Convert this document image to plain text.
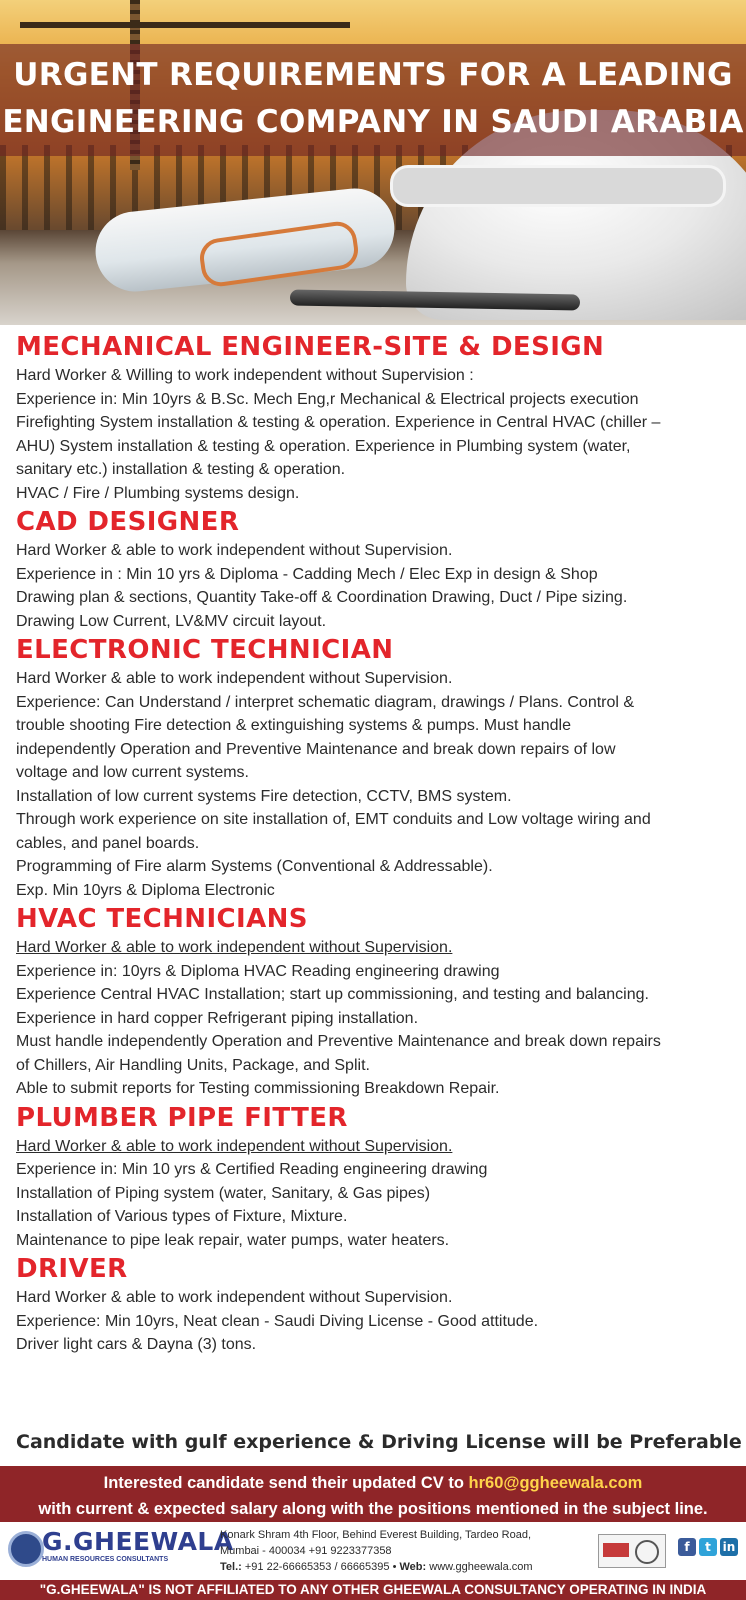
URGENT REQUIREMENTS FOR A LEADING
ENGINEERING COMPANY IN SAUDI ARABIA
MECHANICAL ENGINEER-SITE & DESIGN

Hard Worker & Willing to work independent without Supervision :

Experience in: Min 10yrs & B.Sc. Mech Eng,r Mechanical & Electrical projects execution

Firefighting System installation & testing & operation. Experience in Central HVAC (chiller –

AHU) System installation & testing & operation. Experience in Plumbing system (water,

sanitary etc.) installation & testing & operation.

HVAC / Fire / Plumbing systems design.

CAD DESIGNER

Hard Worker & able to work independent without Supervision.

Experience in : Min 10 yrs & Diploma - Cadding Mech / Elec Exp in design & Shop

Drawing plan & sections, Quantity Take-off & Coordination Drawing, Duct / Pipe sizing.

Drawing Low Current, LV&MV circuit layout.

ELECTRONIC TECHNICIAN

Hard Worker & able to work independent without Supervision.

Experience: Can Understand / interpret schematic diagram, drawings / Plans. Control &

trouble shooting Fire detection & extinguishing systems & pumps. Must handle

independently Operation and Preventive Maintenance and break down repairs of low

voltage and low current systems.

Installation of low current systems Fire detection, CCTV, BMS system.

Through work experience on site installation of, EMT conduits and Low voltage wiring and

cables, and panel boards.

Programming of Fire alarm Systems (Conventional & Addressable).

Exp. Min 10yrs & Diploma Electronic

HVAC TECHNICIANS

Hard Worker & able to work independent without Supervision.

Experience in: 10yrs & Diploma HVAC Reading engineering drawing

Experience Central HVAC Installation; start up commissioning, and testing and balancing.

Experience in hard copper Refrigerant piping installation.

Must handle independently Operation and Preventive Maintenance and break down repairs

of Chillers, Air Handling Units, Package, and Split.

Able to submit reports for Testing commissioning Breakdown Repair.

PLUMBER PIPE FITTER

Hard Worker & able to work independent without Supervision.

Experience in: Min 10 yrs & Certified Reading engineering drawing

Installation of Piping system (water, Sanitary, & Gas pipes)

Installation of Various types of Fixture, Mixture.

Maintenance to pipe leak repair, water pumps, water heaters.

DRIVER

Hard Worker & able to work independent without Supervision.

Experience: Min 10yrs, Neat clean - Saudi Diving License - Good attitude.

Driver light cars & Dayna (3) tons.

Candidate with gulf experience & Driving License will be Preferable
Interested candidate send their updated CV to hr60@ggheewala.com
with current & expected salary along with the positions mentioned in the subject line.
G.GHEEWALA
HUMAN RESOURCES CONSULTANTS
Konark Shram 4th Floor, Behind Everest Building, Tardeo Road,
Mumbai - 400034 +91 9223377358
Tel.: +91 22-66665353 / 66665395 • Web: www.ggheewala.com
f	t in
"G.GHEEWALA" IS NOT AFFILIATED TO ANY OTHER GHEEWALA CONSULTANCY OPERATING IN INDIA
